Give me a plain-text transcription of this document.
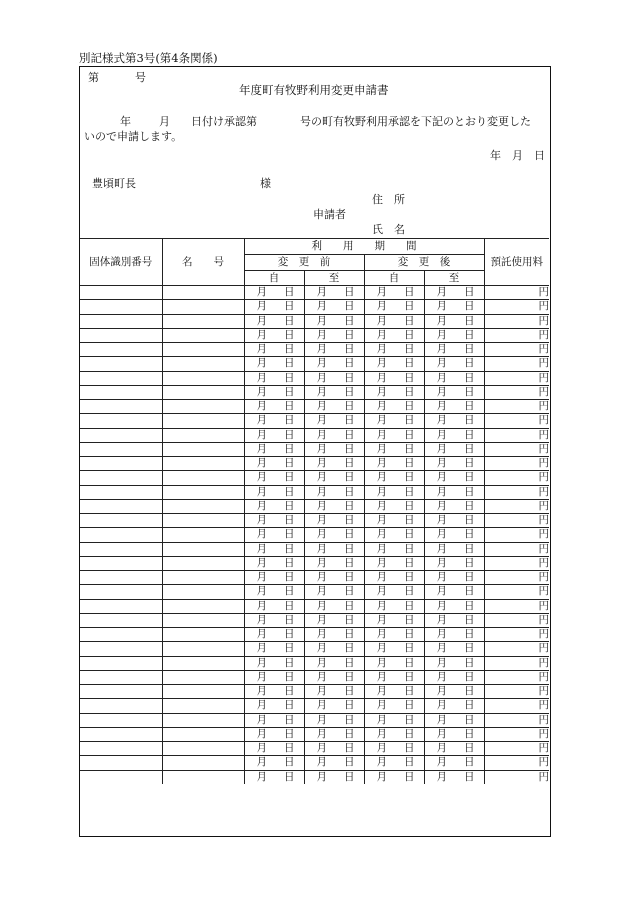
別記様式第3号(第4条関係)
第	号
年度町有牧野利用変更申請書
年	月 日付け承認第	号の町有牧野利用承認を下記のとおり変更した
いので申請します。
年 月 日
豊頃町長	様
住　所
申請者
氏　名
固体識別番号	名　　号	利　　用　　期　　間				預託使用料
		変　更　前		変　更　後		
		自	至	自	至	

		月 日	月 日	月 日	月 日	円

		月 日	月 日	月 日	月 日	円

		月 日	月 日	月 日	月 日	円

		月 日	月 日	月 日	月 日	円

		月 日	月 日	月 日	月 日	円

		月 日	月 日	月 日	月 日	円

		月 日	月 日	月 日	月 日	円

		月 日	月 日	月 日	月 日	円

		月 日	月 日	月 日	月 日	円

		月 日	月 日	月 日	月 日	円

		月 日	月 日	月 日	月 日	円

		月 日	月 日	月 日	月 日	円

		月 日	月 日	月 日	月 日	円

		月 日	月 日	月 日	月 日	円

		月 日	月 日	月 日	月 日	円

		月 日	月 日	月 日	月 日	円

		月 日	月 日	月 日	月 日	円

		月 日	月 日	月 日	月 日	円

		月 日	月 日	月 日	月 日	円

		月 日	月 日	月 日	月 日	円

		月 日	月 日	月 日	月 日	円

		月 日	月 日	月 日	月 日	円

		月 日	月 日	月 日	月 日	円

		月 日	月 日	月 日	月 日	円

		月 日	月 日	月 日	月 日	円

		月 日	月 日	月 日	月 日	円

		月 日	月 日	月 日	月 日	円

		月 日	月 日	月 日	月 日	円

		月 日	月 日	月 日	月 日	円

		月 日	月 日	月 日	月 日	円

		月 日	月 日	月 日	月 日	円

		月 日	月 日	月 日	月 日	円

		月 日	月 日	月 日	月 日	円

		月 日	月 日	月 日	月 日	円

		月 日	月 日	月 日	月 日	円
